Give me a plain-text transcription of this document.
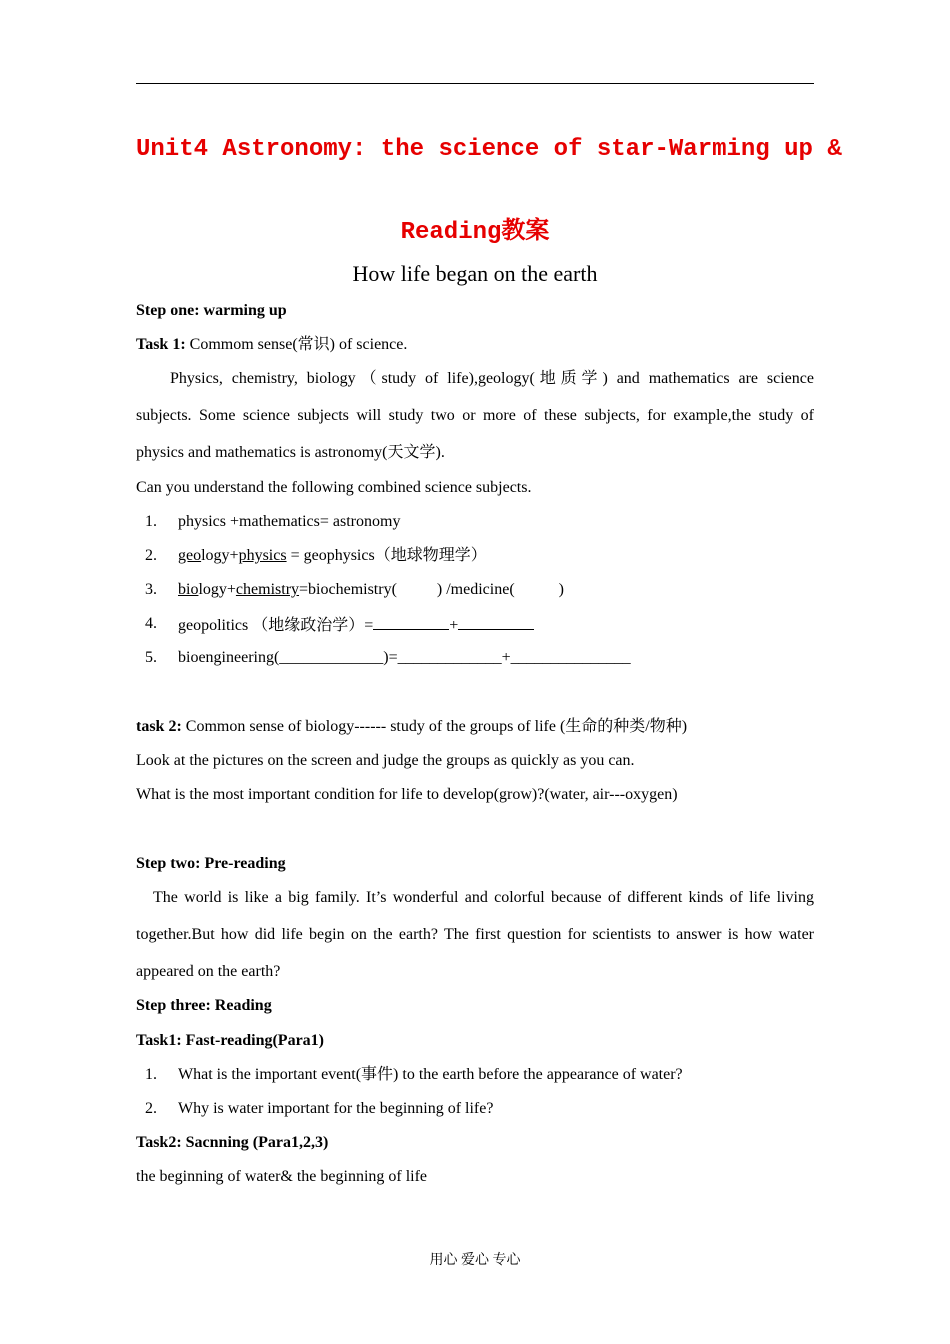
Unit4 Astronomy: the science of star-Warming up &
Reading教案
How life began on the earth
Step one: warming up
Task 1: Commom sense(常识) of science.
Physics, chemistry, biology（study of life),geology(地质学) and mathematics are science
subjects. Some science subjects will study two or more of these subjects, for example,the study of
physics and mathematics is astronomy(天文学).
Can you understand the following combined science subjects.
1. physics +mathematics= astronomy
2. geology+physics = geophysics（地球物理学）
3. biology+chemistry=biochemistry(          ) /medicine(           )
4. geopolitics （地缘政治学）=	+
5. bioengineering(_____________)=_____________+_______________
task 2: Common sense of biology------ study of the groups of life (生命的种类/物种)
Look at the pictures on the screen and judge the groups as quickly as you can.
What is the most important condition for life to develop(grow)?(water, air---oxygen)
Step two: Pre-reading
The world is like a big family. It’s wonderful and colorful because of different kinds of life living
together.But how did life begin on the earth? The first question for scientists to answer is how water
appeared on the earth?
Step three: Reading
Task1: Fast-reading(Para1)
1. What is the important event(事件) to the earth before the appearance of water?
2. Why is water important for the beginning of life?
Task2: Sacnning (Para1,2,3)
the beginning of water& the beginning of life
用心 爱心 专心
